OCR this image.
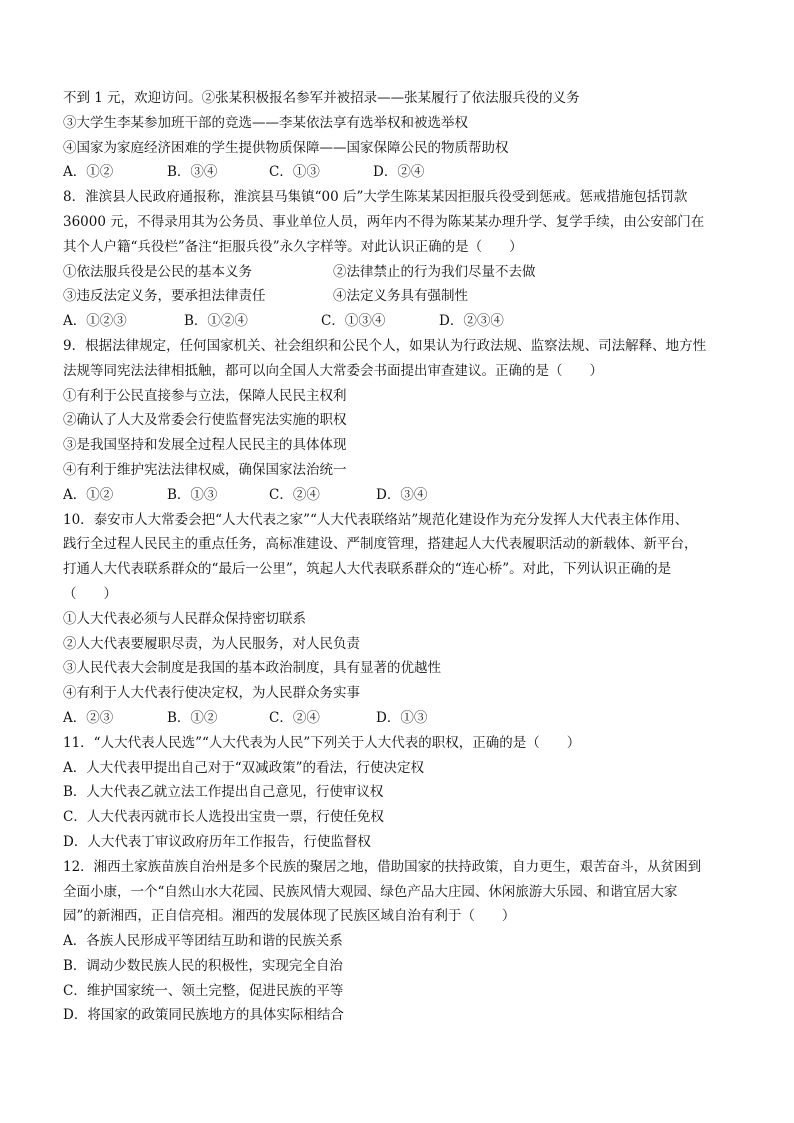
不到 1 元，欢迎访问。②张某积极报名参军并被招录——张某履行了依法服兵役的义务
③大学生李某参加班干部的竞选——李某依法享有选举权和被选举权
④国家为家庭经济困难的学生提供物质保障——国家保障公民的物质帮助权
A．①②	B．③④	C．①③	D．②④
8．淮滨县人民政府通报称，淮滨县马集镇“00 后”大学生陈某某因拒服兵役受到惩戒。惩戒措施包括罚款
36000 元，不得录用其为公务员、事业单位人员，两年内不得为陈某某办理升学、复学手续，由公安部门在
其个人户籍“兵役栏”备注“拒服兵役”永久字样等。对此认识正确的是（　　）
①依法服兵役是公民的基本义务	②法律禁止的行为我们尽量不去做
③违反法定义务，要承担法律责任	④法定义务具有强制性
A．①②③	B．①②④	C．①③④	D．②③④
9．根据法律规定，任何国家机关、社会组织和公民个人，如果认为行政法规、监察法规、司法解释、地方性
法规等同宪法法律相抵触，都可以向全国人大常委会书面提出审查建议。正确的是（　　）
①有利于公民直接参与立法，保障人民民主权利
②确认了人大及常委会行使监督宪法实施的职权
③是我国坚持和发展全过程人民民主的具体体现
④有利于维护宪法法律权威，确保国家法治统一
A．①②	B．①③	C．②④	D．③④
10．泰安市人大常委会把“人大代表之家”“人大代表联络站”规范化建设作为充分发挥人大代表主体作用、
践行全过程人民民主的重点任务，高标准建设、严制度管理，搭建起人大代表履职活动的新载体、新平台，
打通人大代表联系群众的“最后一公里”，筑起人大代表联系群众的“连心桥”。对此，下列认识正确的是
（　　）
①人大代表必须与人民群众保持密切联系
②人大代表要履职尽责，为人民服务，对人民负责
③人民代表大会制度是我国的基本政治制度，具有显著的优越性
④有利于人大代表行使决定权，为人民群众务实事
A．②③	B．①②	C．②④	D．①③
11．“人大代表人民选”“人大代表为人民”下列关于人大代表的职权，正确的是（　　）
A．人大代表甲提出自己对于“双减政策”的看法，行使决定权
B．人大代表乙就立法工作提出自己意见，行使审议权
C．人大代表丙就市长人选投出宝贵一票，行使任免权
D．人大代表丁审议政府历年工作报告，行使监督权
12．湘西土家族苗族自治州是多个民族的聚居之地，借助国家的扶持政策，自力更生，艰苦奋斗，从贫困到
全面小康，一个“自然山水大花园、民族风情大观园、绿色产品大庄园、休闲旅游大乐园、和谐宜居大家
园”的新湘西，正自信亮相。湘西的发展体现了民族区域自治有利于（　　）
A．各族人民形成平等团结互助和谐的民族关系
B．调动少数民族人民的积极性，实现完全自治
C．维护国家统一、领土完整，促进民族的平等
D．将国家的政策同民族地方的具体实际相结合
